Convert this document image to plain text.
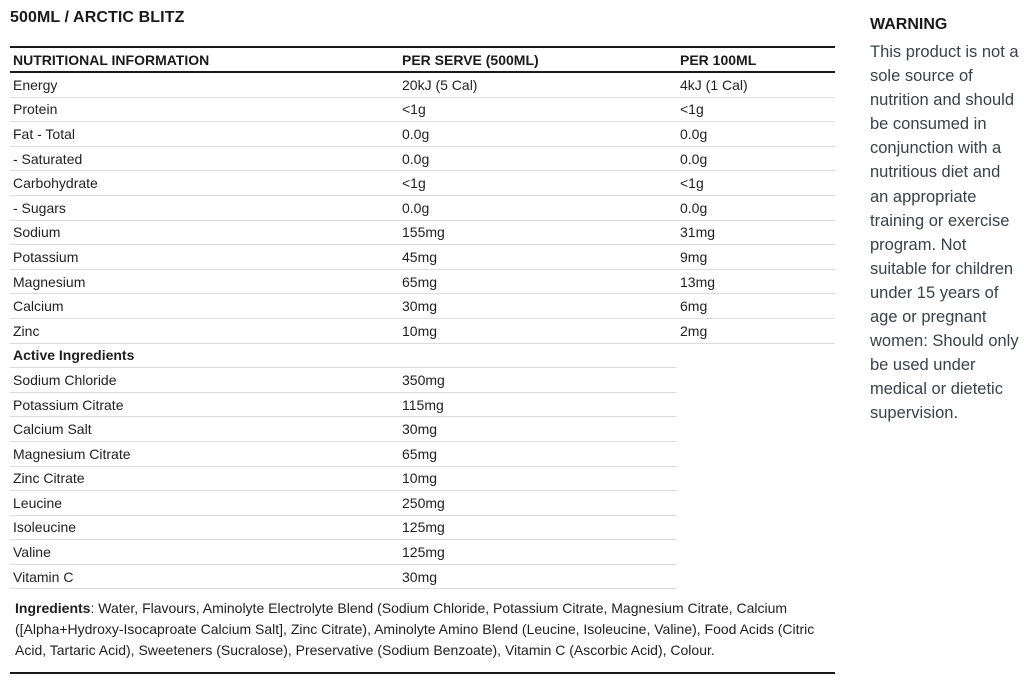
500ML / ARCTIC BLITZ
NUTRITIONAL INFORMATION	PER SERVE (500ML)	PER 100ML
Energy	20kJ (5 Cal)	4kJ (1 Cal)
Protein	<1g	<1g
Fat - Total	0.0g	0.0g
- Saturated	0.0g	0.0g
Carbohydrate	<1g	<1g
- Sugars	0.0g	0.0g
Sodium	155mg	31mg
Potassium	45mg	9mg
Magnesium	65mg	13mg
Calcium	30mg	6mg
Zinc	10mg	2mg
Active Ingredients
Sodium Chloride	350mg
Potassium Citrate	115mg
Calcium Salt	30mg
Magnesium Citrate	65mg
Zinc Citrate	10mg
Leucine	250mg
Isoleucine	125mg
Valine	125mg
Vitamin C	30mg
Ingredients: Water, Flavours, Aminolyte Electrolyte Blend (Sodium Chloride, Potassium Citrate, Magnesium Citrate, Calcium ([Alpha+Hydroxy-Isocaproate Calcium Salt], Zinc Citrate), Aminolyte Amino Blend (Leucine, Isoleucine, Valine), Food Acids (Citric Acid, Tartaric Acid), Sweeteners (Sucralose), Preservative (Sodium Benzoate), Vitamin C (Ascorbic Acid), Colour.
WARNING
This product is not a sole source of nutrition and should be consumed in conjunction with a nutritious diet and an appropriate training or exercise program. Not suitable for children under 15 years of age or pregnant women: Should only be used under medical or dietetic supervision.
